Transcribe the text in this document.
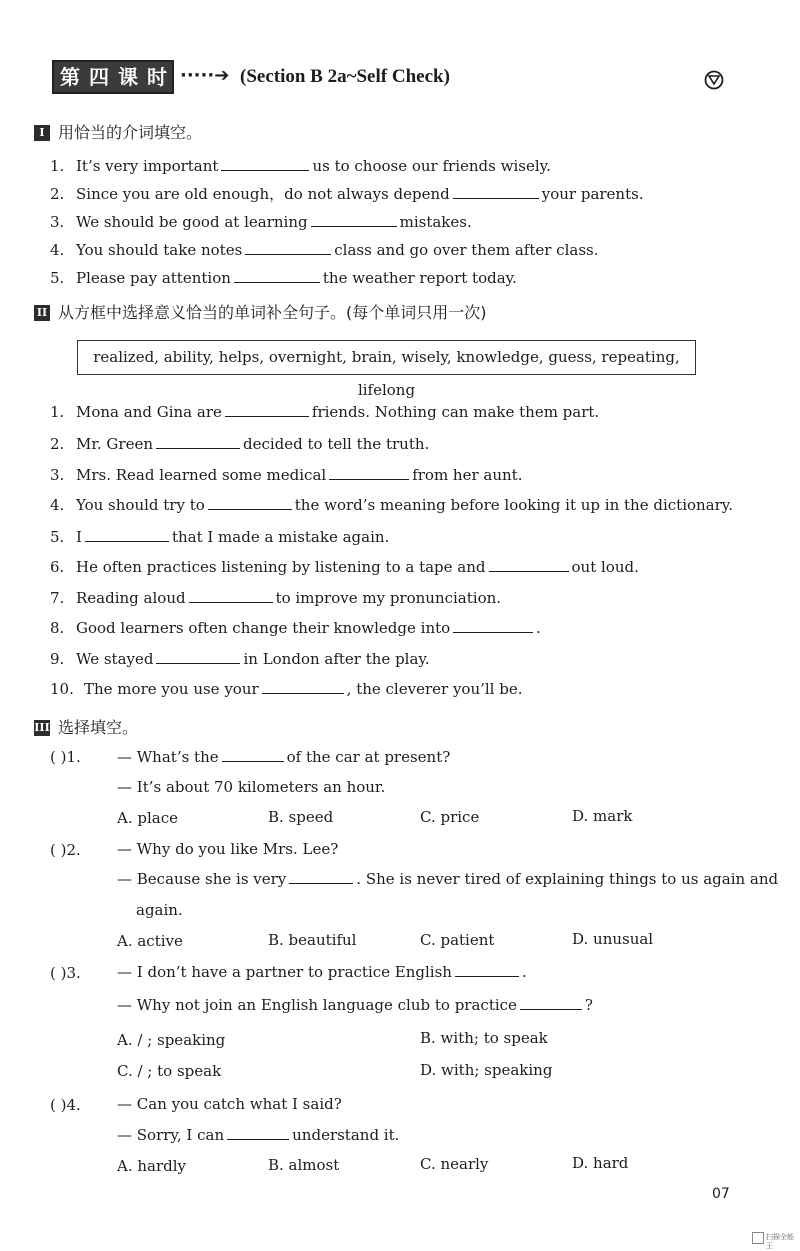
第 四 课 时 ·····➔ (Section B 2a~Self Check)
I 用恰当的介词填空。
1. It’s very important	us to choose our friends wisely.
2. Since you are old enough，do not always depend	your parents.
3. We should be good at learning	mistakes.
4. You should take notes	class and go over them after class.
5. Please pay attention	the weather report today.
II 从方框中选择意义恰当的单词补全句子。(每个单词只用一次)
realized, ability, helps, overnight, brain, wisely, knowledge, guess, repeating, lifelong
1. Mona and Gina are	friends. Nothing can make them part.
2. Mr. Green	decided to tell the truth.
3. Mrs. Read learned some medical	from her aunt.
4. You should try to	the word’s meaning before looking it up in the dictionary.
5. I	that I made a mistake again.
6. He often practices listening by listening to a tape and	out loud.
7. Reading aloud	to improve my pronunciation.
8. Good learners often change their knowledge into	.
9. We stayed	in London after the play.
10. The more you use your	, the cleverer you’ll be.
III 选择填空。
( )1. — What’s the	of the car at present?
— It’s about 70 kilometers an hour.
A. place	B. speed	C. price	D. mark
( )2. — Why do you like Mrs. Lee?
— Because she is very	. She is never tired of explaining things to us again and
again.
A. active	B. beautiful	C. patient	D. unusual
( )3. — I don’t have a partner to practice English	.
— Why not join an English language club to practice	?
A. / ; speaking	B. with; to speak
C. / ; to speak	D. with; speaking
( )4. — Can you catch what I said?
— Sorry, I can	understand it.
A. hardly	B. almost	C. nearly	D. hard
07
扫描全能王
